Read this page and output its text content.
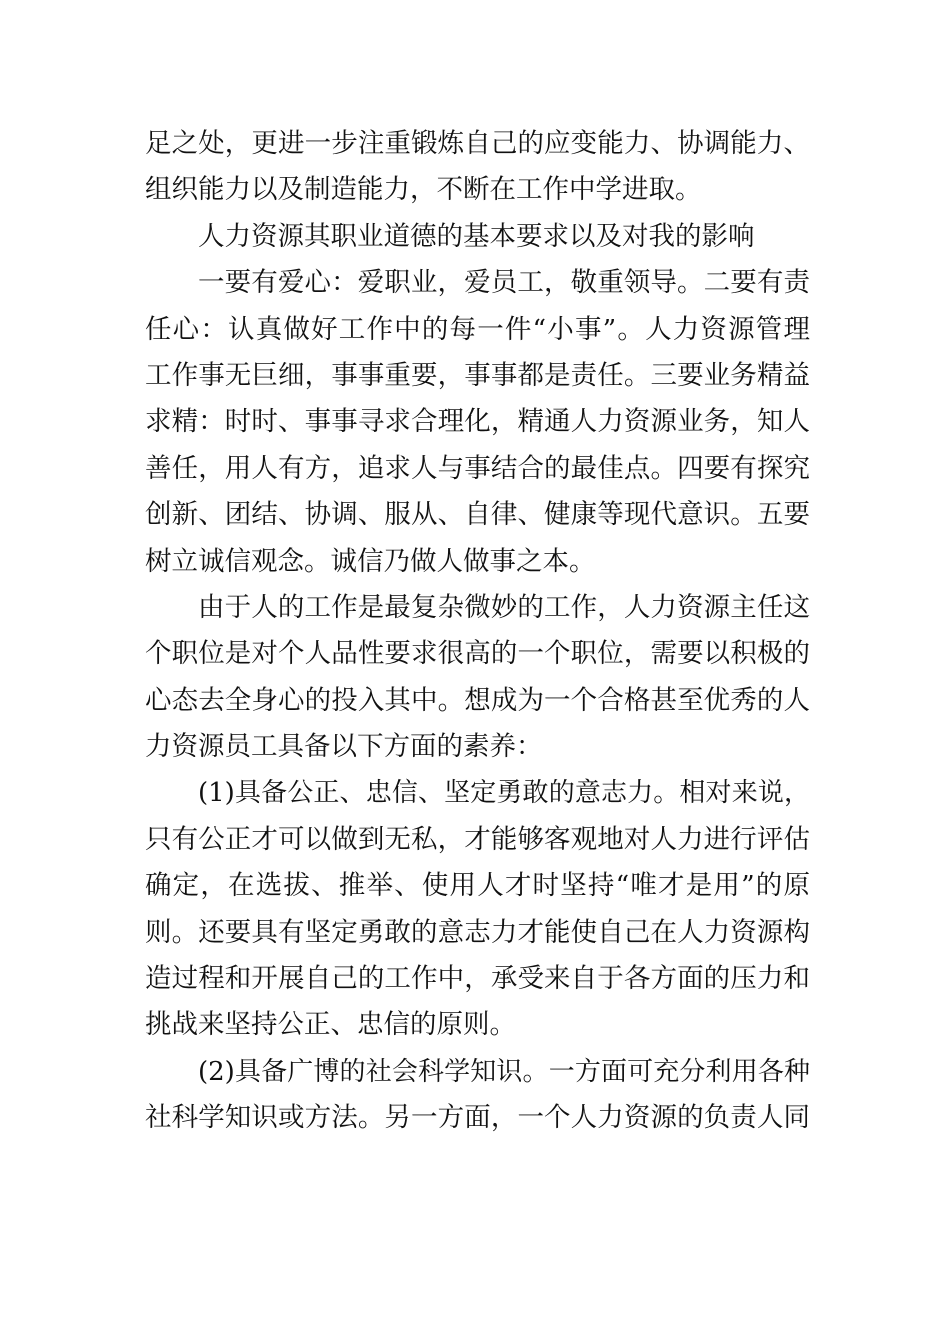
足之处，更进一步注重锻炼自己的应变能力、协调能力、
组织能力以及制造能力，不断在工作中学进取。
人力资源其职业道德的基本要求以及对我的影响
一要有爱心：爱职业，爱员工，敬重领导。二要有责
任心：认真做好工作中的每一件“小事”。人力资源管理
工作事无巨细，事事重要，事事都是责任。三要业务精益
求精：时时、事事寻求合理化，精通人力资源业务，知人
善任，用人有方，追求人与事结合的最佳点。四要有探究
创新、团结、协调、服从、自律、健康等现代意识。五要
树立诚信观念。诚信乃做人做事之本。
由于人的工作是最复杂微妙的工作，人力资源主任这
个职位是对个人品性要求很高的一个职位，需要以积极的
心态去全身心的投入其中。想成为一个合格甚至优秀的人
力资源员工具备以下方面的素养：
(1)具备公正、忠信、坚定勇敢的意志力。相对来说，
只有公正才可以做到无私，才能够客观地对人力进行评估
确定，在选拔、推举、使用人才时坚持“唯才是用”的原
则。还要具有坚定勇敢的意志力才能使自己在人力资源构
造过程和开展自己的工作中，承受来自于各方面的压力和
挑战来坚持公正、忠信的原则。
(2)具备广博的社会科学知识。一方面可充分利用各种
社科学知识或方法。另一方面，一个人力资源的负责人同
